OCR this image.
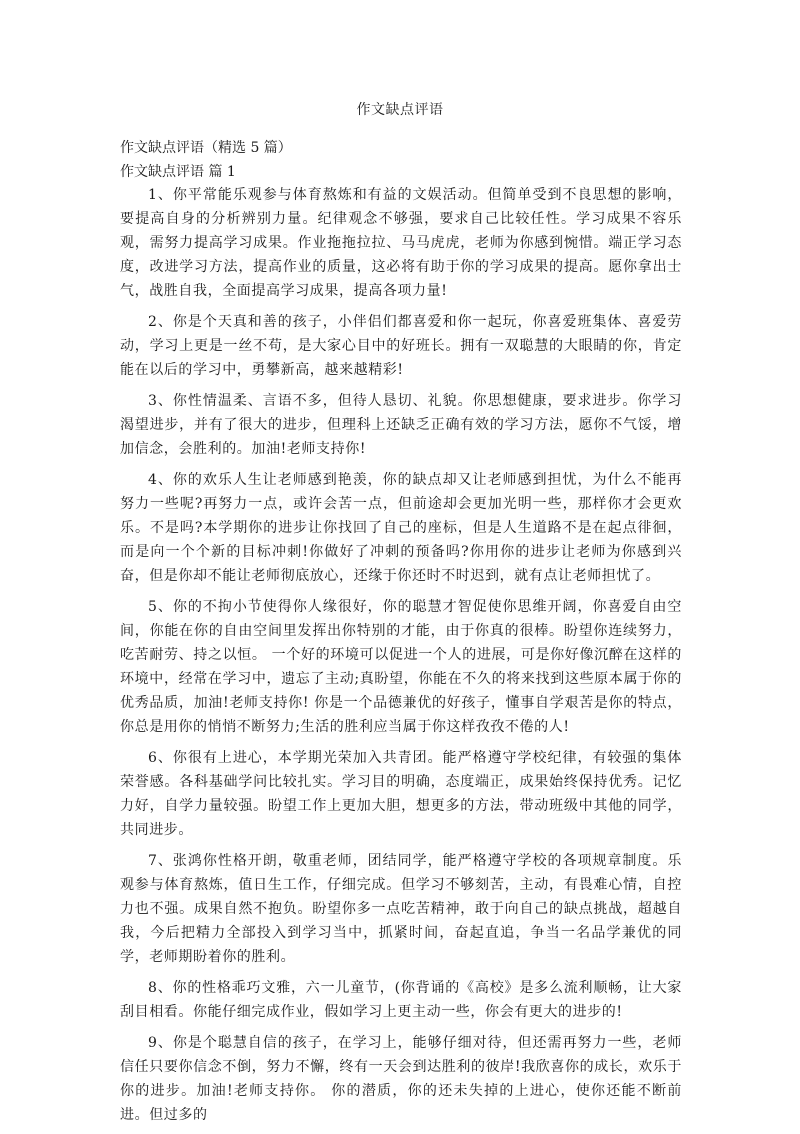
作文缺点评语
作文缺点评语（精选 5 篇）
作文缺点评语 篇 1

1、你平常能乐观参与体育熬炼和有益的文娱活动。但简单受到不良思想的影响，要提高自身的分析辨别力量。纪律观念不够强，要求自己比较任性。学习成果不容乐观，需努力提高学习成果。作业拖拖拉拉、马马虎虎，老师为你感到惋惜。端正学习态度，改进学习方法，提高作业的质量，这必将有助于你的学习成果的提高。愿你拿出士气，战胜自我，全面提高学习成果，提高各项力量!

2、你是个天真和善的孩子，小伴侣们都喜爱和你一起玩，你喜爱班集体、喜爱劳动，学习上更是一丝不苟，是大家心目中的好班长。拥有一双聪慧的大眼睛的你，肯定能在以后的学习中，勇攀新高，越来越精彩!

3、你性情温柔、言语不多，但待人恳切、礼貌。你思想健康，要求进步。你学习渴望进步，并有了很大的进步，但理科上还缺乏正确有效的学习方法，愿你不气馁，增加信念，会胜利的。加油!老师支持你!

4、你的欢乐人生让老师感到艳羡，你的缺点却又让老师感到担忧，为什么不能再努力一些呢?再努力一点，或许会苦一点，但前途却会更加光明一些，那样你才会更欢乐。不是吗?本学期你的进步让你找回了自己的座标，但是人生道路不是在起点徘徊，而是向一个个新的目标冲刺!你做好了冲刺的预备吗?你用你的进步让老师为你感到兴奋，但是你却不能让老师彻底放心，还缘于你还时不时迟到，就有点让老师担忧了。

5、你的不拘小节使得你人缘很好，你的聪慧才智促使你思维开阔，你喜爱自由空间，你能在你的自由空间里发挥出你特别的才能，由于你真的很棒。盼望你连续努力，吃苦耐劳、持之以恒。 一个好的环境可以促进一个人的进展，可是你好像沉醉在这样的环境中，经常在学习中，遗忘了主动;真盼望，你能在不久的将来找到这些原本属于你的优秀品质，加油!老师支持你! 你是一个品德兼优的好孩子，懂事自学艰苦是你的特点，你总是用你的悄悄不断努力;生活的胜利应当属于你这样孜孜不倦的人!

6、你很有上进心，本学期光荣加入共青团。能严格遵守学校纪律，有较强的集体荣誉感。各科基础学问比较扎实。学习目的明确，态度端正，成果始终保持优秀。记忆力好，自学力量较强。盼望工作上更加大胆，想更多的方法，带动班级中其他的同学，共同进步。

7、张鸿你性格开朗，敬重老师，团结同学，能严格遵守学校的各项规章制度。乐观参与体育熬炼，值日生工作，仔细完成。但学习不够刻苦，主动，有畏难心情，自控力也不强。成果自然不抱负。盼望你多一点吃苦精神，敢于向自己的缺点挑战，超越自我，今后把精力全部投入到学习当中，抓紧时间，奋起直追，争当一名品学兼优的同学，老师期盼着你的胜利。

8、你的性格乖巧文雅，六一儿童节，(你背诵的《高校》是多么流利顺畅，让大家刮目相看。你能仔细完成作业，假如学习上更主动一些，你会有更大的进步的!

9、你是个聪慧自信的孩子，在学习上，能够仔细对待，但还需再努力一些，老师信任只要你信念不倒，努力不懈，终有一天会到达胜利的彼岸!我欣喜你的成长，欢乐于你的进步。加油!老师支持你。 你的潜质，你的还未失掉的上进心，使你还能不断前进。但过多的
